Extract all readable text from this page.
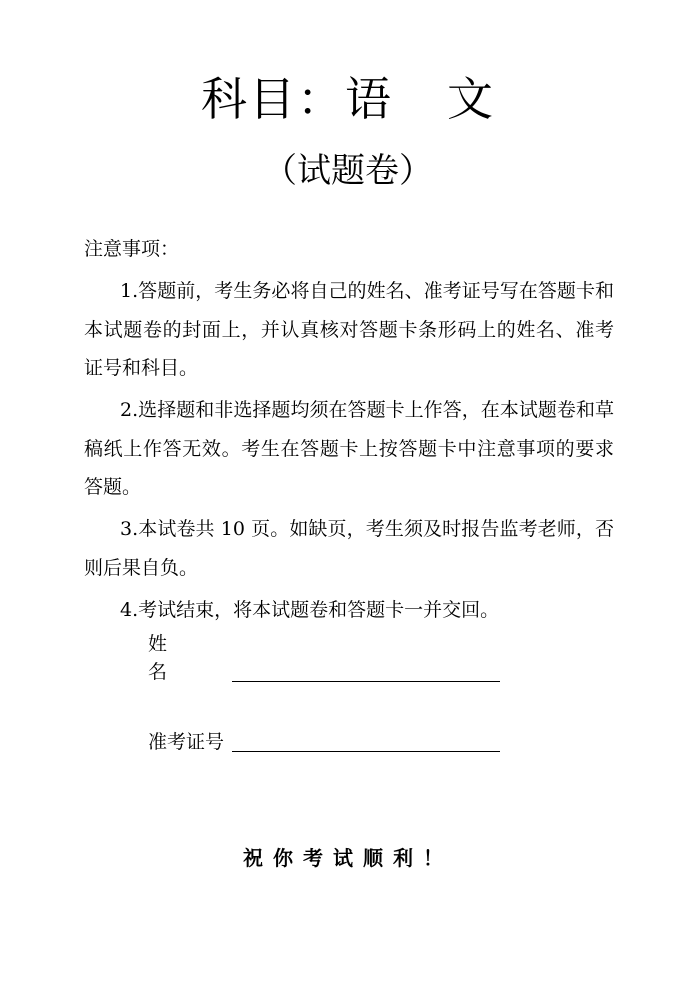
科目：语 文
（试题卷）
注意事项：

1.答题前，考生务必将自己的姓名、准考证号写在答题卡和本试题卷的封面上，并认真核对答题卡条形码上的姓名、准考证号和科目。

2.选择题和非选择题均须在答题卡上作答，在本试题卷和草稿纸上作答无效。考生在答题卡上按答题卡中注意事项的要求答题。

3.本试卷共 10 页。如缺页，考生须及时报告监考老师，否则后果自负。

4.考试结束，将本试题卷和答题卡一并交回。

姓名
准考证号
祝你考试顺利！
